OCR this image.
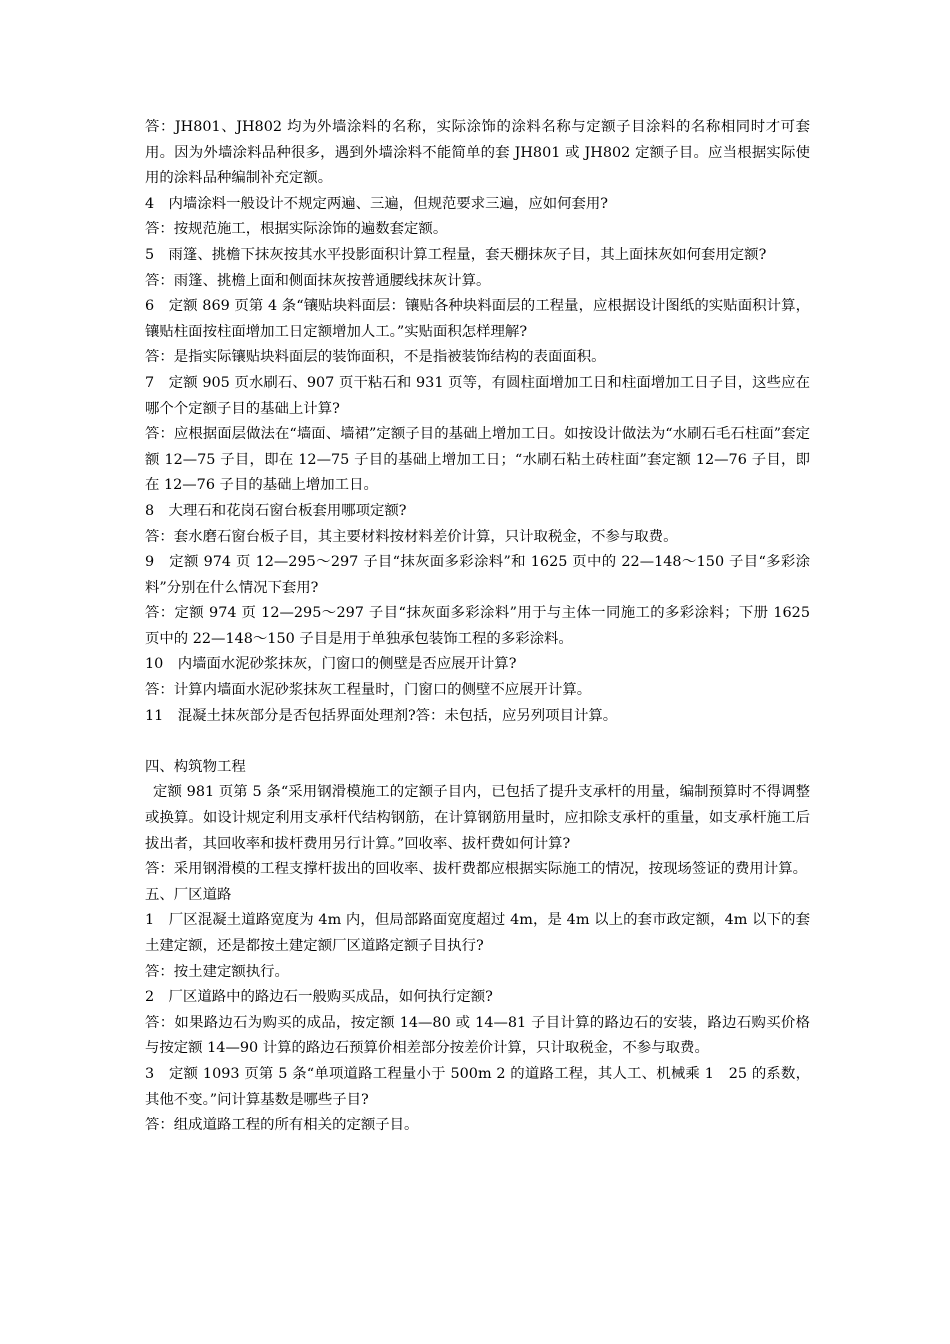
答：JH801、JH802 均为外墙涂料的名称，实际涂饰的涂料名称与定额子目涂料的名称相同时才可套用。因为外墙涂料品种很多，遇到外墙涂料不能简单的套 JH801 或 JH802 定额子目。应当根据实际使用的涂料品种编制补充定额。

4　内墙涂料一般设计不规定两遍、三遍，但规范要求三遍，应如何套用?

答：按规范施工，根据实际涂饰的遍数套定额。

5　雨篷、挑檐下抹灰按其水平投影面积计算工程量，套天棚抹灰子目，其上面抹灰如何套用定额?

答：雨篷、挑檐上面和侧面抹灰按普通腰线抹灰计算。

6　定额 869 页第 4 条“镶贴块料面层：镶贴各种块料面层的工程量，应根据设计图纸的实贴面积计算，镶贴柱面按柱面增加工日定额增加人工。”实贴面积怎样理解?

答：是指实际镶贴块料面层的装饰面积，不是指被装饰结构的表面面积。

7　定额 905 页水刷石、907 页干粘石和 931 页等，有圆柱面增加工日和柱面增加工日子目，这些应在哪个个定额子目的基础上计算?

答：应根据面层做法在“墙面、墙裙”定额子目的基础上增加工日。如按设计做法为“水刷石毛石柱面”套定额 12—75 子目，即在 12—75 子目的基础上增加工日；“水刷石粘土砖柱面”套定额 12—76 子目，即在 12—76 子目的基础上增加工日。

8　大理石和花岗石窗台板套用哪项定额?

答：套水磨石窗台板子目，其主要材料按材料差价计算，只计取税金，不参与取费。

9　定额 974 页 12—295～297 子目“抹灰面多彩涂料”和 1625 页中的 22—148～150 子目“多彩涂料”分别在什么情况下套用?

答：定额 974 页 12—295～297 子目“抹灰面多彩涂料”用于与主体一同施工的多彩涂料；下册 1625 页中的 22—148～150 子目是用于单独承包装饰工程的多彩涂料。

10　内墙面水泥砂浆抹灰，门窗口的侧壁是否应展开计算?

答：计算内墙面水泥砂浆抹灰工程量时，门窗口的侧壁不应展开计算。

11　混凝土抹灰部分是否包括界面处理剂?答：未包括，应另列项目计算。

四、构筑物工程

定额 981 页第 5 条“采用钢滑模施工的定额子目内，已包括了提升支承杆的用量，编制预算时不得调整或换算。如设计规定利用支承杆代结构钢筋，在计算钢筋用量时，应扣除支承杆的重量，如支承杆施工后拔出者，其回收率和拔杆费用另行计算。”回收率、拔杆费如何计算?

答：采用钢滑模的工程支撑杆拔出的回收率、拔杆费都应根据实际施工的情况，按现场签证的费用计算。

五、厂区道路

1　厂区混凝土道路宽度为 4m 内，但局部路面宽度超过 4m，是 4m 以上的套市政定额，4m 以下的套土建定额，还是都按土建定额厂区道路定额子目执行?

答：按土建定额执行。

2　厂区道路中的路边石一般购买成品，如何执行定额?

答：如果路边石为购买的成品，按定额 14—80 或 14—81 子目计算的路边石的安装，路边石购买价格与按定额 14—90 计算的路边石预算价相差部分按差价计算，只计取税金，不参与取费。

3　定额 1093 页第 5 条“单项道路工程量小于 500m 2 的道路工程，其人工、机械乘 1　25 的系数，其他不变。”问计算基数是哪些子目?

答：组成道路工程的所有相关的定额子目。
